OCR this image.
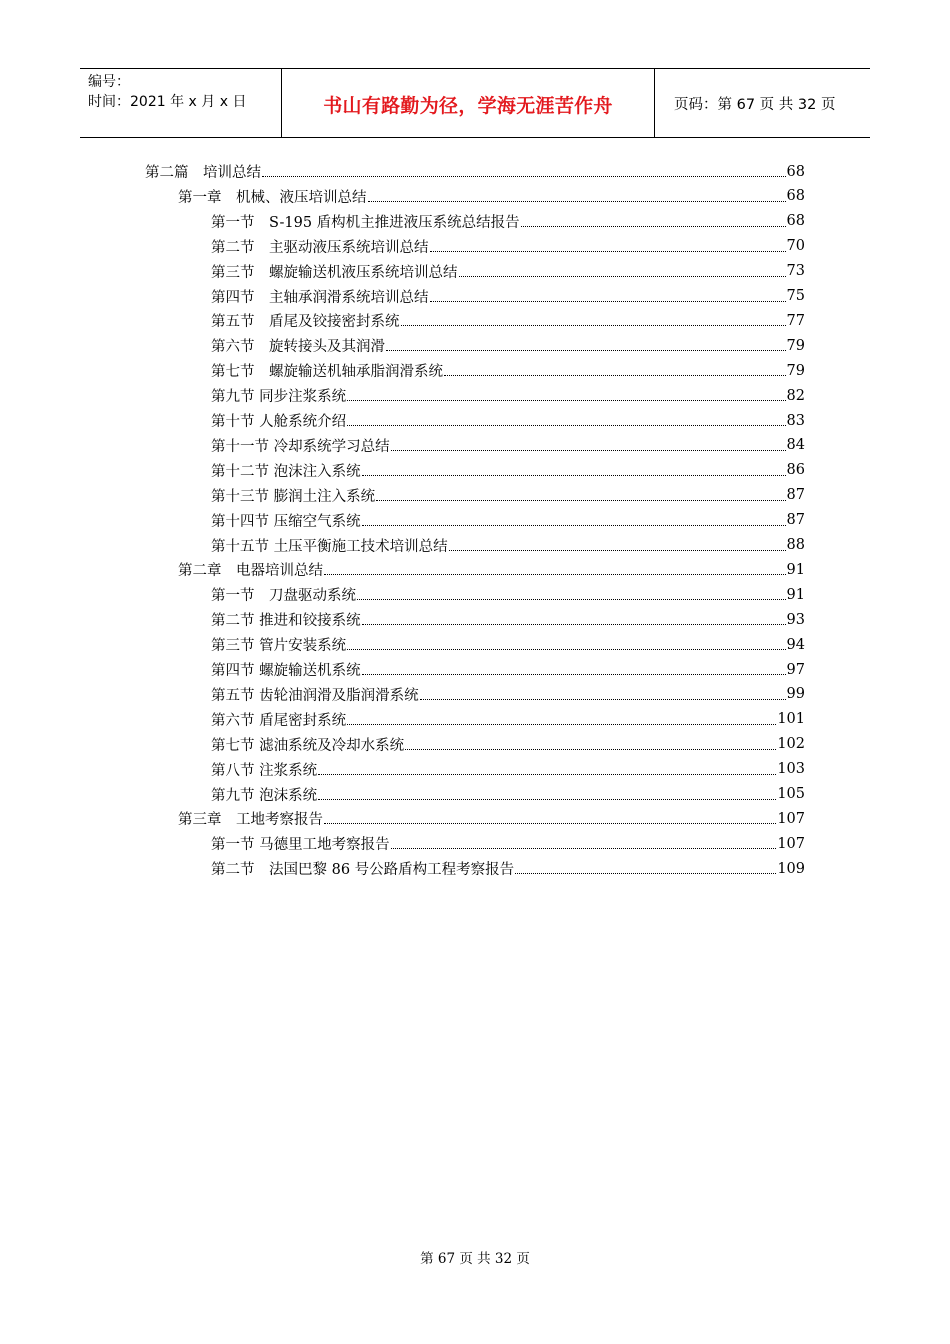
编号：
时间：2021 年 x 月 x 日	书山有路勤为径，学海无涯苦作舟	页码：第 67 页 共 32 页
第二篇　培训总结	68
第一章　机械、液压培训总结	68
第一节　S-195 盾构机主推进液压系统总结报告	68
第二节　主驱动液压系统培训总结	70
第三节　螺旋输送机液压系统培训总结	73
第四节　主轴承润滑系统培训总结	75
第五节　盾尾及铰接密封系统	77
第六节　旋转接头及其润滑	79
第七节　螺旋输送机轴承脂润滑系统	79
第九节 同步注浆系统	82
第十节 人舱系统介绍	83
第十一节 冷却系统学习总结	84
第十二节 泡沫注入系统	86
第十三节 膨润土注入系统	87
第十四节 压缩空气系统	87
第十五节 土压平衡施工技术培训总结	88
第二章　电器培训总结	91
第一节　刀盘驱动系统	91
第二节 推进和铰接系统	93
第三节 管片安装系统	94
第四节 螺旋输送机系统	97
第五节 齿轮油润滑及脂润滑系统	99
第六节 盾尾密封系统	101
第七节 滤油系统及冷却水系统	102
第八节 注浆系统	103
第九节 泡沫系统	105
第三章　工地考察报告	107
第一节 马德里工地考察报告	107
第二节　法国巴黎 86 号公路盾构工程考察报告	109
第 67 页 共 32 页
